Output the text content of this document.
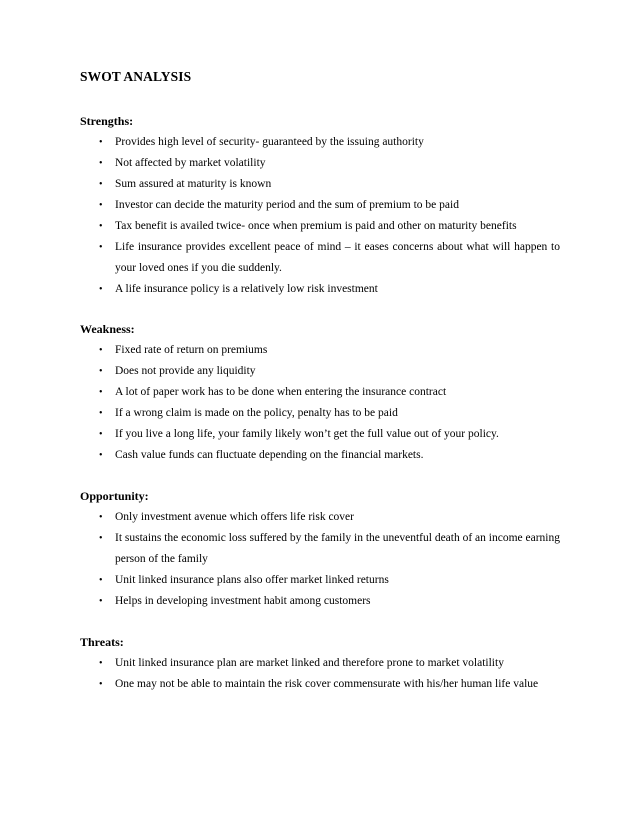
SWOT ANALYSIS
Strengths:
• Provides high level of security- guaranteed by the issuing authority
• Not affected by market volatility
• Sum assured at maturity is known
• Investor can decide the maturity period and the sum of premium to be paid
• Tax benefit is availed twice- once when premium is paid and other on maturity benefits
• Life insurance provides excellent peace of mind – it eases concerns about what will happen to your loved ones if you die suddenly.
• A life insurance policy is a relatively low risk investment
Weakness:
• Fixed rate of return on premiums
• Does not provide any liquidity
• A lot of paper work has to be done when entering the insurance contract
• If a wrong claim is made on the policy, penalty has to be paid
• If you live a long life, your family likely won’t get the full value out of your policy.
• Cash value funds can fluctuate depending on the financial markets.
Opportunity:
• Only investment avenue which offers life risk cover
• It sustains the economic loss suffered by the family in the uneventful death of an income earning person of the family
• Unit linked insurance plans also offer market linked returns
• Helps in developing investment habit among customers
Threats:
• Unit linked insurance plan are market linked and therefore prone to market volatility
• One may not be able to maintain the risk cover commensurate with his/her human life value
